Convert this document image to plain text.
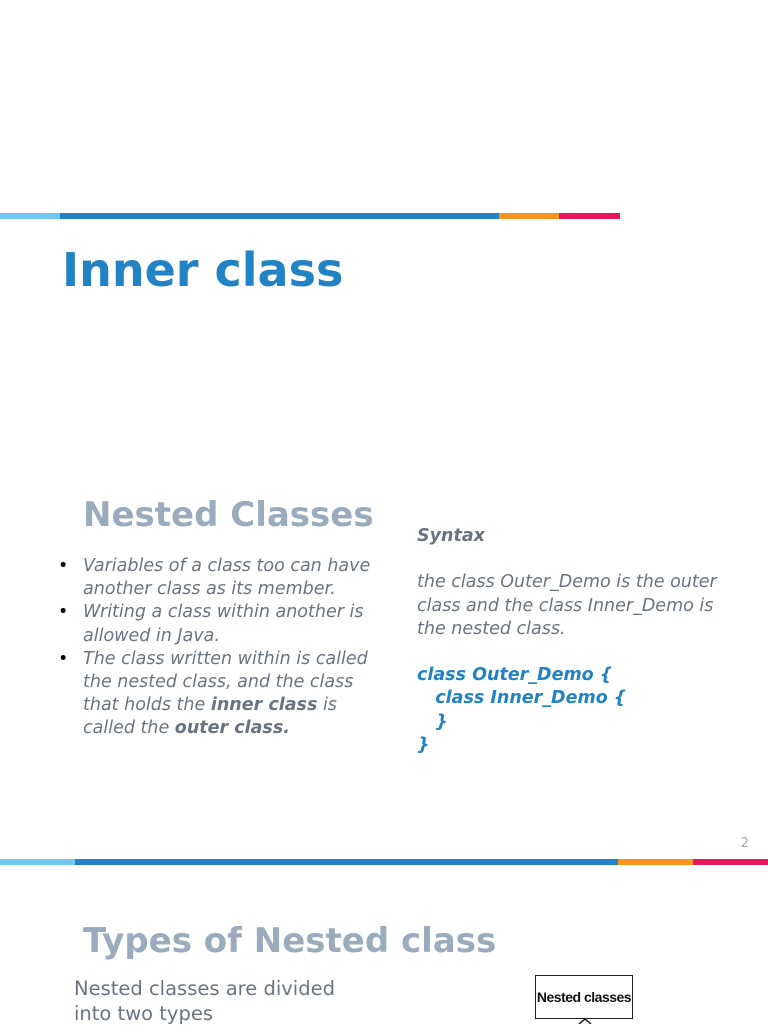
Inner class
Nested Classes
• Variables of a class too can have another class as its member.
• Writing a class within another is allowed in Java.
• The class written within is called the nested class, and the class that holds the inner class is called the outer class.
Syntax
the class Outer_Demo is the outer class and the class Inner_Demo is the nested class.
class Outer_Demo {
class Inner_Demo {
}
}
2
Types of Nested class
Nested classes are divided into two types
Nested classes
